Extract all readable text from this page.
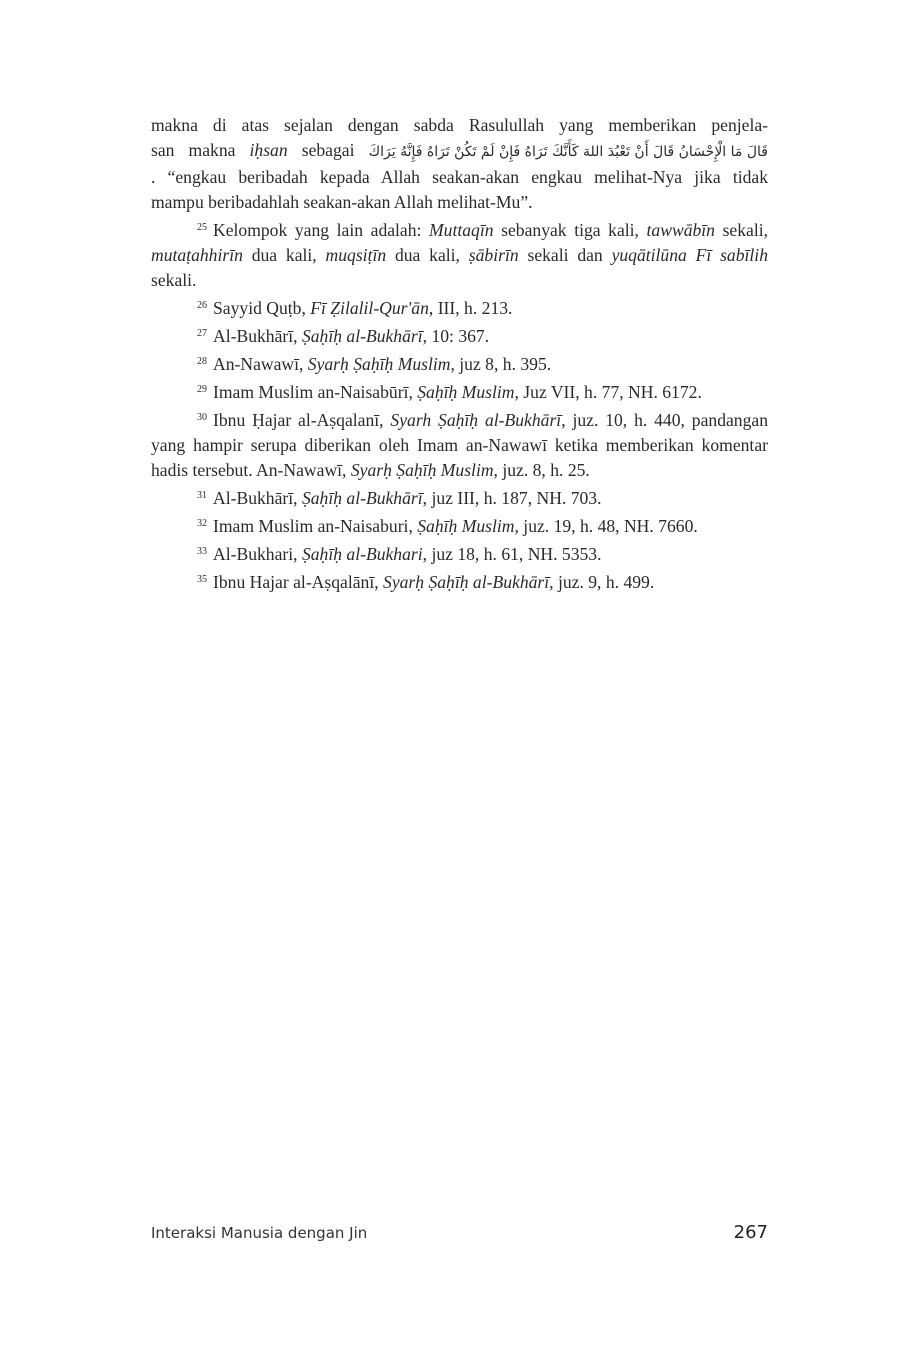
makna di atas sejalan dengan sabda Rasulullah yang memberikan penjela-
san makna iḥsan sebagai قَالَ مَا الْإِحْسَانُ قَالَ أَنْ تَعْبُدَ اللهَ كَأَنَّكَ تَرَاهُ فَإِنْ لَمْ تَكُنْ تَرَاهُ فَإِنَّهُ يَرَاكَ
. “engkau beribadah kepada Allah seakan-akan engkau melihat-Nya jika tidak
mampu beribadahlah seakan-akan Allah melihat-Mu”.

$^{25}$ Kelompok yang lain adalah: Muttaqīn sebanyak tiga kali, tawwābīn sekali, mutaṭahhirīn dua kali, muqsiṭīn dua kali, ṣābirīn sekali dan yuqātilūna Fī sabīlih sekali.

$^{26}$ Sayyid Quṭb, Fī Ẓilalil-Qur'ān, III, h. 213.

$^{27}$ Al-Bukhārī, Ṣaḥīḥ al-Bukhārī, 10: 367.

$^{28}$ An-Nawawī, Syarḥ Ṣaḥīḥ Muslim, juz 8, h. 395.

$^{29}$ Imam Muslim an-Naisabūrī, Ṣaḥīḥ Muslim, Juz VII, h. 77, NH. 6172.

$^{30}$ Ibnu Ḥajar al-Aṣqalanī, Syarh Ṣaḥīḥ al-Bukhārī, juz. 10, h. 440, pandangan yang hampir serupa diberikan oleh Imam an-Nawawī ketika memberikan komentar hadis tersebut. An-Nawawī, Syarḥ Ṣaḥīḥ Muslim, juz. 8, h. 25.

$^{31}$ Al-Bukhārī, Ṣaḥīḥ al-Bukhārī, juz III, h. 187, NH. 703.

$^{32}$ Imam Muslim an-Naisaburi, Ṣaḥīḥ Muslim, juz. 19, h. 48, NH. 7660.

$^{33}$ Al-Bukhari, Ṣaḥīḥ al-Bukhari, juz 18, h. 61, NH. 5353.

$^{35}$ Ibnu Hajar al-Aṣqalānī, Syarḥ Ṣaḥīḥ al-Bukhārī, juz. 9, h. 499.

Interaksi Manusia dengan Jin	267
